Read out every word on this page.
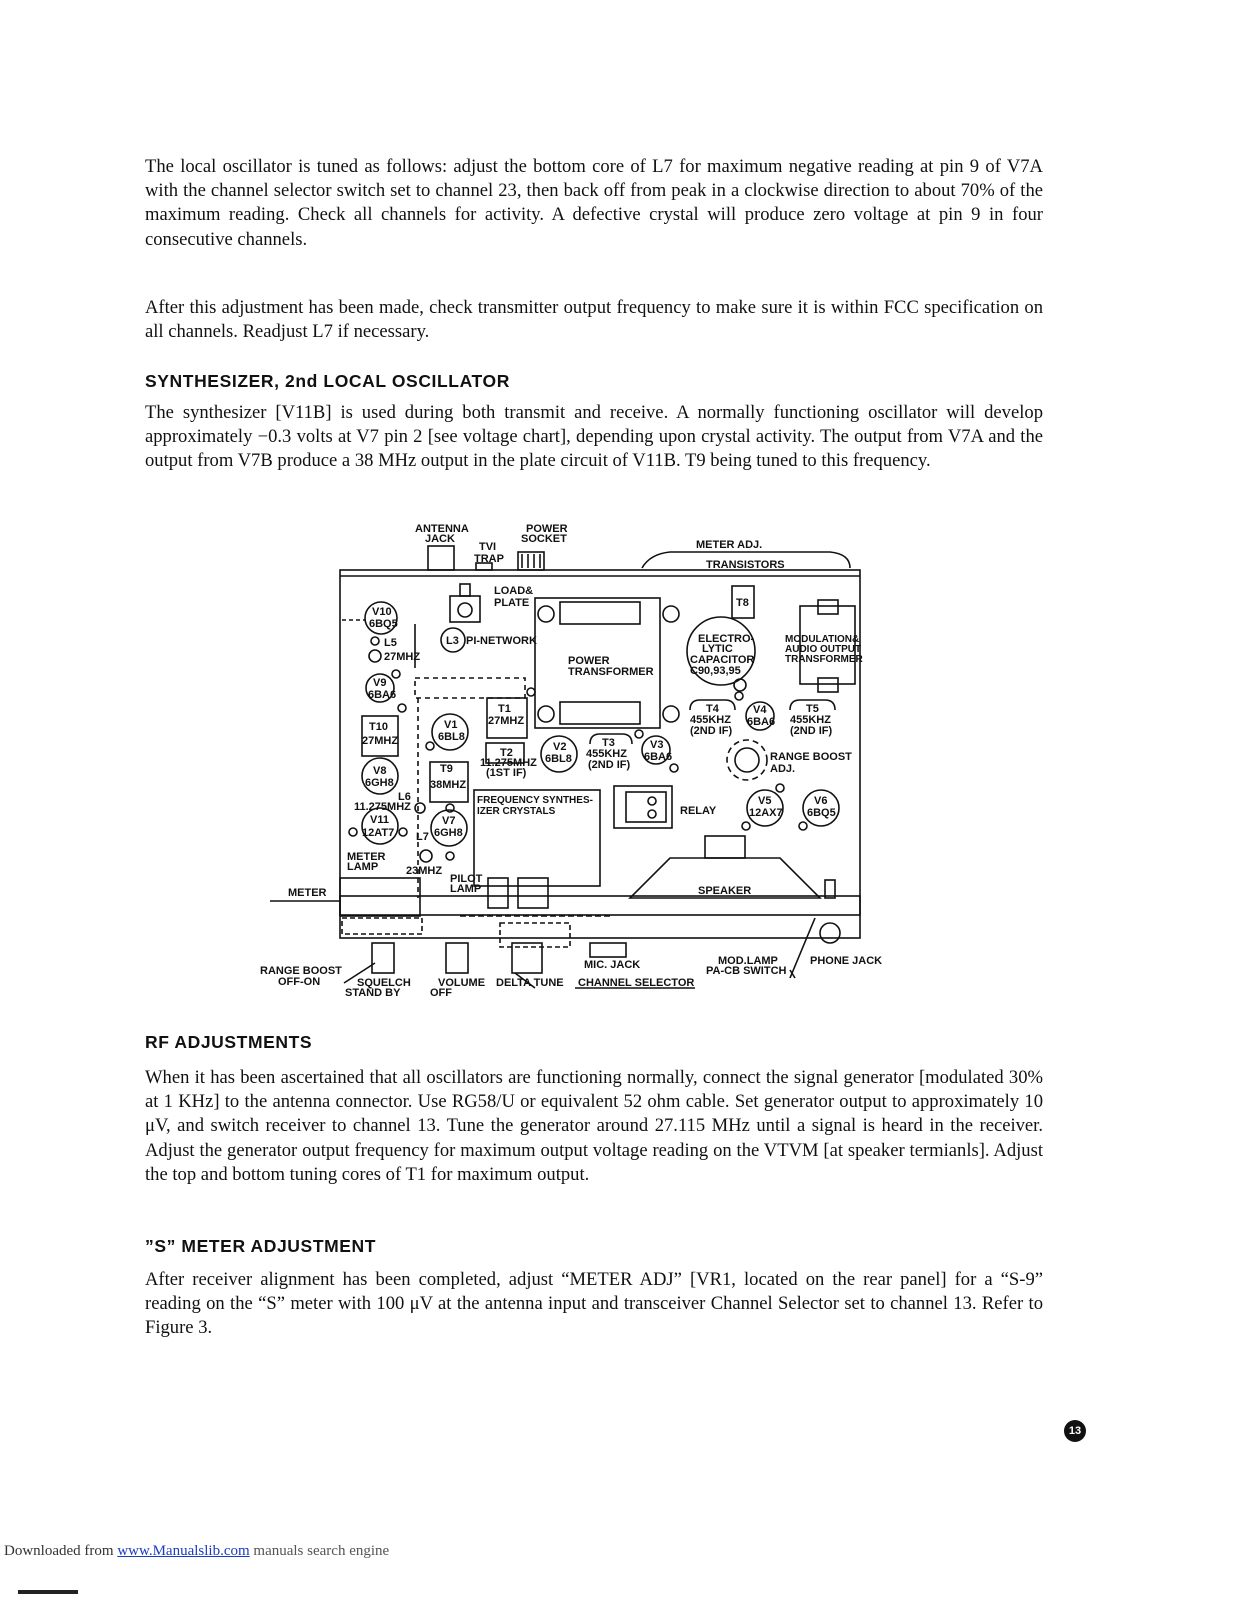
The local oscillator is tuned as follows: adjust the bottom core of L7 for maximum negative reading at pin 9 of V7A with the channel selector switch set to channel 23, then back off from peak in a clockwise direction to about 70% of the maximum reading. Check all channels for activity. A defective crystal will produce zero voltage at pin 9 in four consecutive channels.

After this adjustment has been made, check transmitter output frequency to make sure it is within FCC specification on all channels. Readjust L7 if necessary.

SYNTHESIZER, 2nd LOCAL OSCILLATOR

The synthesizer [V11B] is used during both transmit and receive. A normally functioning oscillator will develop approximately −0.3 volts at V7 pin 2 [see voltage chart], depending upon crystal activity. The output from V7A and the output from V7B produce a 38 MHz output in the plate circuit of V11B. T9 being tuned to this frequency.

ANTENNA
JACK
TVI
TRAP
POWER
SOCKET	METER ADJ.
TRANSISTORS
LOAD&
PLATE	T8
V10
6BQ5
L5
27MHZ
L3 PI-NETWORK
POWER
TRANSFORMER
ELECTRO-
LYTIC
CAPACITOR
C90,93,95
MODULATION&
AUDIO OUTPUT
TRANSFORMER
V9
6BA6
T10
27MHZ
V1
6BL8
T1
27MHZ
T4
455KHZ
(2ND IF)
V4
6BA6
T5
455KHZ
(2ND IF)
T2
11.275MHZ
(1ST IF)
V2
6BL8
T3
455KHZ
(2ND IF)
V3
6BA6	RANGE BOOST
ADJ.
T9
38MHZ
V8
6GH8
L6
11.275MHZ
FREQUENCY SYNTHES-
IZER CRYSTALS	RELAY
V5
12AX7
V6
6BQ5
V11
12AT7 L7
V7
6GH8
METER
LAMP	23MHZ
PILOT
LAMP	SPEAKER
METER
RANGE BOOST
OFF-ON	SQUELCH
STAND BY
VOLUME
OFF
DELTA TUNE
MIC. JACK
CHANNEL SELECTOR
MOD.LAMP
PA-CB SWITCH
PHONE JACK
RF ADJUSTMENTS

When it has been ascertained that all oscillators are functioning normally, connect the signal generator [modulated 30% at 1 KHz] to the antenna connector. Use RG58/U or equivalent 52 ohm cable. Set generator output to approximately 10 μV, and switch receiver to channel 13. Tune the generator around 27.115 MHz until a signal is heard in the receiver. Adjust the generator output frequency for maximum output voltage reading on the VTVM [at speaker termianls]. Adjust the top and bottom tuning cores of T1 for maximum output.

”S” METER ADJUSTMENT

After receiver alignment has been completed, adjust “METER ADJ” [VR1, located on the rear panel] for a “S-9” reading on the “S” meter with 100 μV at the antenna input and transceiver Channel Selector set to channel 13. Refer to Figure 3.

13
Downloaded from www.Manualslib.com manuals search engine
